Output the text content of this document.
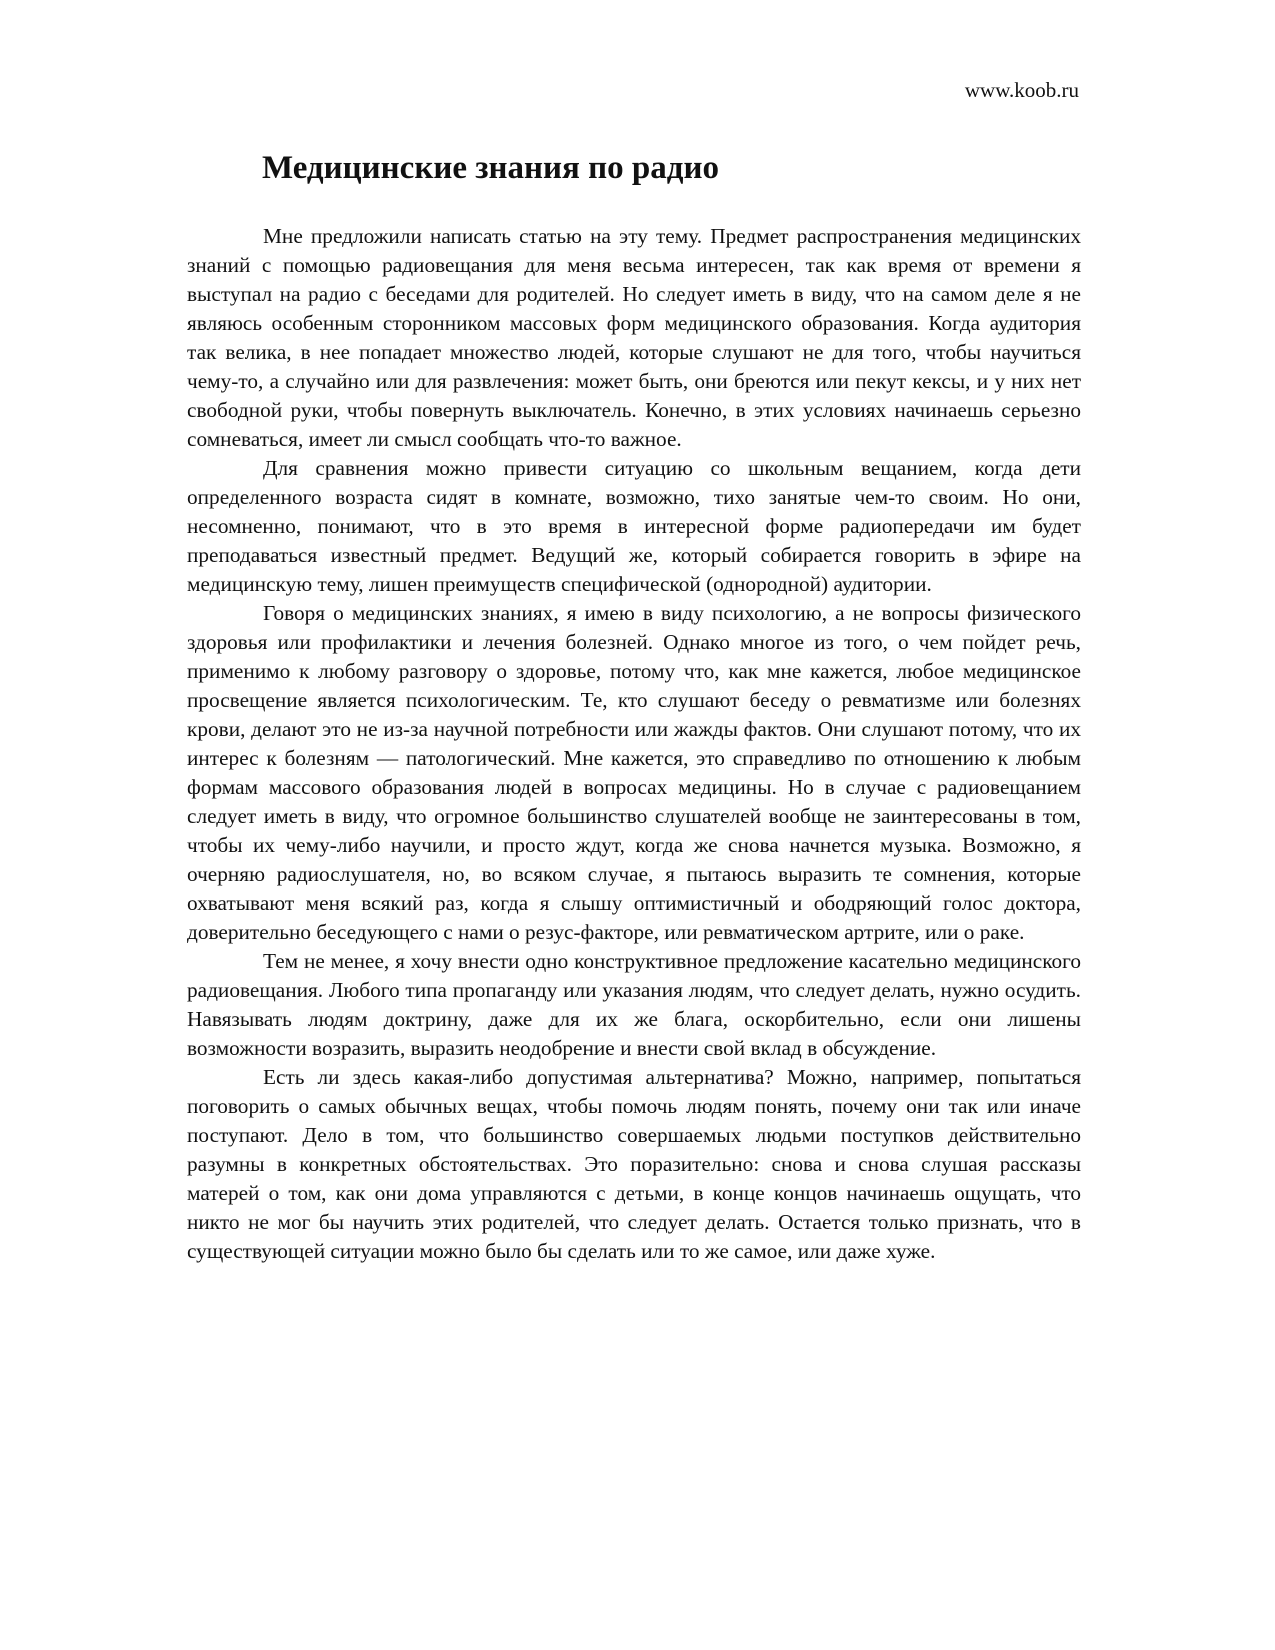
www.koob.ru
Медицинские знания по радио

Мне предложили написать статью на эту тему. Предмет распространения медицинских знаний с помощью радиовещания для меня весьма интересен, так как время от времени я выступал на радио с беседами для родителей. Но следует иметь в виду, что на самом деле я не являюсь особенным сторонником массовых форм медицинского образования. Когда аудитория так велика, в нее попадает множество людей, которые слушают не для того, чтобы научиться чему-то, а случайно или для развлечения: может быть, они бреются или пекут кексы, и у них нет свободной руки, чтобы повернуть выключатель. Конечно, в этих условиях начинаешь серьезно сомневаться, имеет ли смысл сообщать что-то важное.

Для сравнения можно привести ситуацию со школьным вещанием, когда дети определенного возраста сидят в комнате, возможно, тихо занятые чем-то своим. Но они, несомненно, понимают, что в это время в интересной форме радиопередачи им будет преподаваться известный предмет. Ведущий же, который собирается говорить в эфире на медицинскую тему, лишен преимуществ специфической (однородной) аудитории.

Говоря о медицинских знаниях, я имею в виду психологию, а не вопросы физического здоровья или профилактики и лечения болезней. Однако многое из того, о чем пойдет речь, применимо к любому разговору о здоровье, потому что, как мне кажется, любое медицинское просвещение является психологическим. Те, кто слушают беседу о ревматизме или болезнях крови, делают это не из-за научной потребности или жажды фактов. Они слушают потому, что их интерес к болезням — патологический. Мне кажется, это справедливо по отношению к любым формам массового образования людей в вопросах медицины. Но в случае с радиовещанием следует иметь в виду, что огромное большинство слушателей вообще не заинтересованы в том, чтобы их чему-либо научили, и просто ждут, когда же снова начнется музыка. Возможно, я очерняю радиослушателя, но, во всяком случае, я пытаюсь выразить те сомнения, которые охватывают меня всякий раз, когда я слышу оптимистичный и ободряющий голос доктора, доверительно беседующего с нами о резус-факторе, или ревматическом артрите, или о раке.

Тем не менее, я хочу внести одно конструктивное предложение касательно медицинского радиовещания. Любого типа пропаганду или указания людям, что следует делать, нужно осудить. Навязывать людям доктрину, даже для их же блага, оскорбительно, если они лишены возможности возразить, выразить неодобрение и внести свой вклад в обсуждение.

Есть ли здесь какая-либо допустимая альтернатива? Можно, например, попытаться поговорить о самых обычных вещах, чтобы помочь людям понять, почему они так или иначе поступают. Дело в том, что большинство совершаемых людьми поступков действительно разумны в конкретных обстоятельствах. Это поразительно: снова и снова слушая рассказы матерей о том, как они дома управляются с детьми, в конце концов начинаешь ощущать, что никто не мог бы научить этих родителей, что следует делать. Остается только признать, что в существующей ситуации можно было бы сделать или то же самое, или даже хуже.
